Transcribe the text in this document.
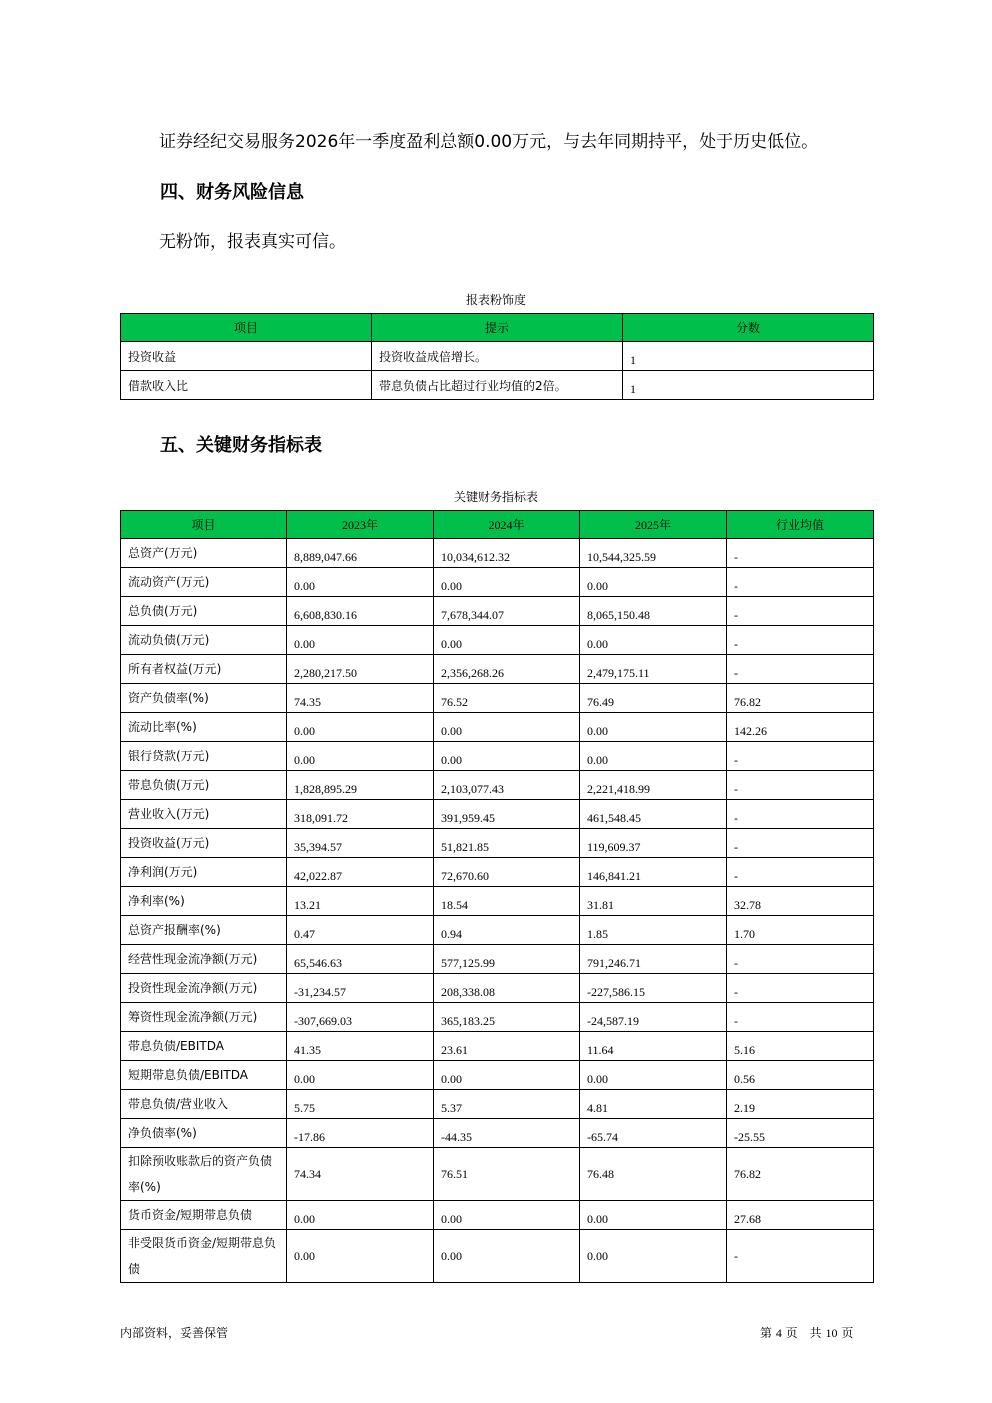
证券经纪交易服务2026年一季度盈利总额0.00万元，与去年同期持平，处于历史低位。
四、财务风险信息
无粉饰，报表真实可信。
报表粉饰度
项目	提示	分数
投资收益	投资收益成倍增长。	1
借款收入比	带息负债占比超过行业均值的2倍。	1
五、关键财务指标表
关键财务指标表
项目	2023年	2024年	2025年	行业均值
总资产(万元)	8,889,047.66	10,034,612.32	10,544,325.59	-
流动资产(万元)	0.00	0.00	0.00	-
总负债(万元)	6,608,830.16	7,678,344.07	8,065,150.48	-
流动负债(万元)	0.00	0.00	0.00	-
所有者权益(万元)	2,280,217.50	2,356,268.26	2,479,175.11	-
资产负债率(%)	74.35	76.52	76.49	76.82
流动比率(%)	0.00	0.00	0.00	142.26
银行贷款(万元)	0.00	0.00	0.00	-
带息负债(万元)	1,828,895.29	2,103,077.43	2,221,418.99	-
营业收入(万元)	318,091.72	391,959.45	461,548.45	-
投资收益(万元)	35,394.57	51,821.85	119,609.37	-
净利润(万元)	42,022.87	72,670.60	146,841.21	-
净利率(%)	13.21	18.54	31.81	32.78
总资产报酬率(%)	0.47	0.94	1.85	1.70
经营性现金流净额(万元)	65,546.63	577,125.99	791,246.71	-
投资性现金流净额(万元)	-31,234.57	208,338.08	-227,586.15	-
筹资性现金流净额(万元)	-307,669.03	365,183.25	-24,587.19	-
带息负债/EBITDA	41.35	23.61	11.64	5.16
短期带息负债/EBITDA	0.00	0.00	0.00	0.56
带息负债/营业收入	5.75	5.37	4.81	2.19
净负债率(%)	-17.86	-44.35	-65.74	-25.55
扣除预收账款后的资产负债率(%)	74.34	76.51	76.48	76.82
货币资金/短期带息负债	0.00	0.00	0.00	27.68
非受限货币资金/短期带息负债	0.00	0.00	0.00	-
内部资料，妥善保管	第 4 页　共 10 页
